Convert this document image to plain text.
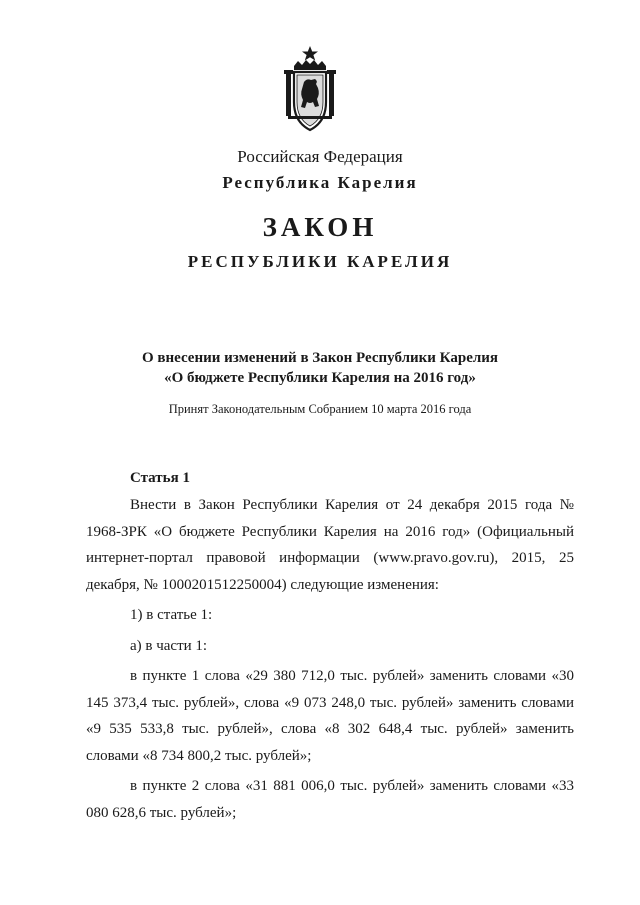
Российская Федерация
Республика Карелия
ЗАКОН
РЕСПУБЛИКИ КАРЕЛИЯ
О внесении изменений в Закон Республики Карелия
«О бюджете Республики Карелия на 2016 год»
Принят Законодательным Собранием 10 марта 2016 года
Статья 1

Внести в Закон Республики Карелия от 24 декабря 2015 года № 1968-ЗРК «О бюджете Республики Карелия на 2016 год» (Официальный интернет-портал правовой информации (www.pravo.gov.ru), 2015, 25 декабря, № 1000201512250004) следующие изменения:

1) в статье 1:

а) в части 1:

в пункте 1 слова «29 380 712,0 тыс. рублей» заменить словами «30 145 373,4 тыс. рублей», слова «9 073 248,0 тыс. рублей» заменить словами «9 535 533,8 тыс. рублей», слова «8 302 648,4 тыс. рублей» заменить словами «8 734 800,2 тыс. рублей»;

в пункте 2 слова «31 881 006,0 тыс. рублей» заменить словами «33 080 628,6 тыс. рублей»;
